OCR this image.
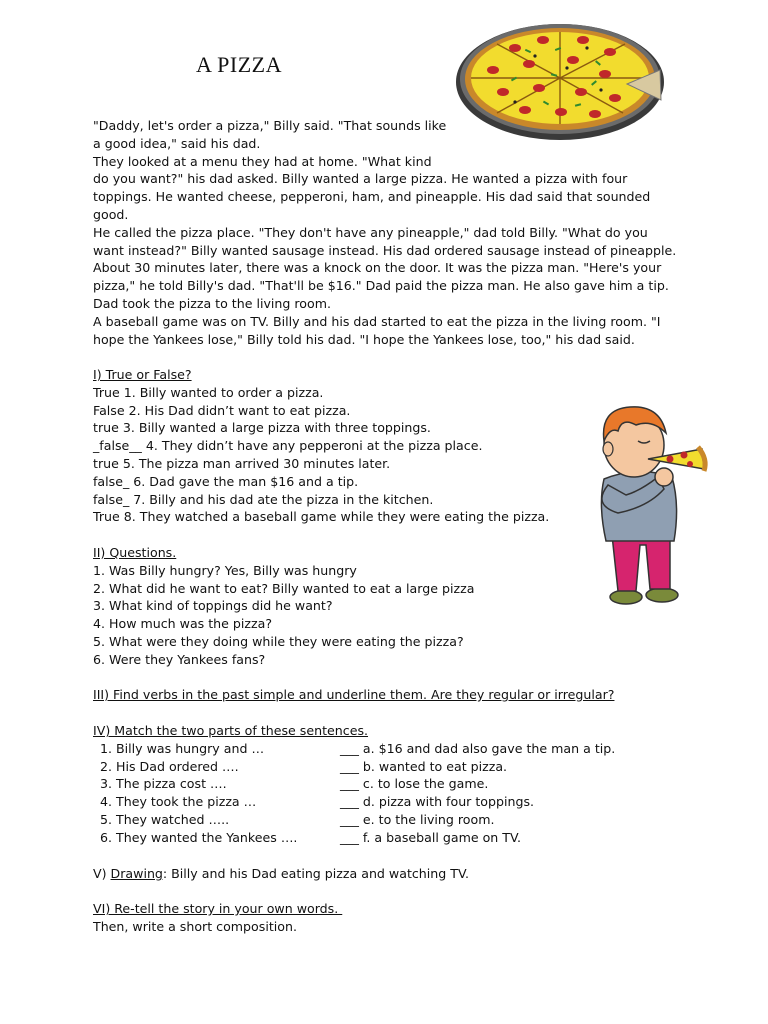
A PIZZA
"Daddy, let's order a pizza," Billy said. "That sounds like
a good idea," said his dad.
They looked at a menu they had at home. "What kind
do you want?" his dad asked. Billy wanted a large pizza. He wanted a pizza with four
toppings. He wanted cheese, pepperoni, ham, and pineapple. His dad said that sounded
good.
He called the pizza place. "They don't have any pineapple," dad told Billy. "What do you
want instead?" Billy wanted sausage instead. His dad ordered sausage instead of pineapple.
About 30 minutes later, there was a knock on the door. It was the pizza man. "Here's your
pizza," he told Billy's dad. "That'll be $16." Dad paid the pizza man. He also gave him a tip.
Dad took the pizza to the living room.
A baseball game was on TV. Billy and his dad started to eat the pizza in the living room. "I
hope the Yankees lose," Billy told his dad. "I hope the Yankees lose, too," his dad said.
I) True or False?
True 1. Billy wanted to order a pizza.
False 2. His Dad didn’t want to eat pizza.
true 3. Billy wanted a large pizza with three toppings.
_false__ 4. They didn’t have any pepperoni at the pizza place.
true 5. The pizza man arrived 30 minutes later.
false_ 6. Dad gave the man $16 and a tip.
false_ 7. Billy and his dad ate the pizza in the kitchen.
True 8. They watched a baseball game while they were eating the pizza.
II) Questions.
1. Was Billy hungry? Yes, Billy was hungry
2. What did he want to eat? Billy wanted to eat a large pizza
3. What kind of toppings did he want?
4. How much was the pizza?
5. What were they doing while they were eating the pizza?
6. Were they Yankees fans?
III) Find verbs in the past simple and underline them. Are they regular or irregular?
IV) Match the two parts of these sentences.
1. Billy was hungry and …	___ a. $16 and dad also gave the man a tip.
2. His Dad ordered ….	___ b. wanted to eat pizza.
3. The pizza cost ….	___ c. to lose the game.
4. They took the pizza …	___ d. pizza with four toppings.
5. They watched …..	___ e. to the living room.
6. They wanted the Yankees ….	___ f. a baseball game on TV.
V) Drawing: Billy and his Dad eating pizza and watching TV.
VI) Re-tell the story in your own words.
Then, write a short composition.
